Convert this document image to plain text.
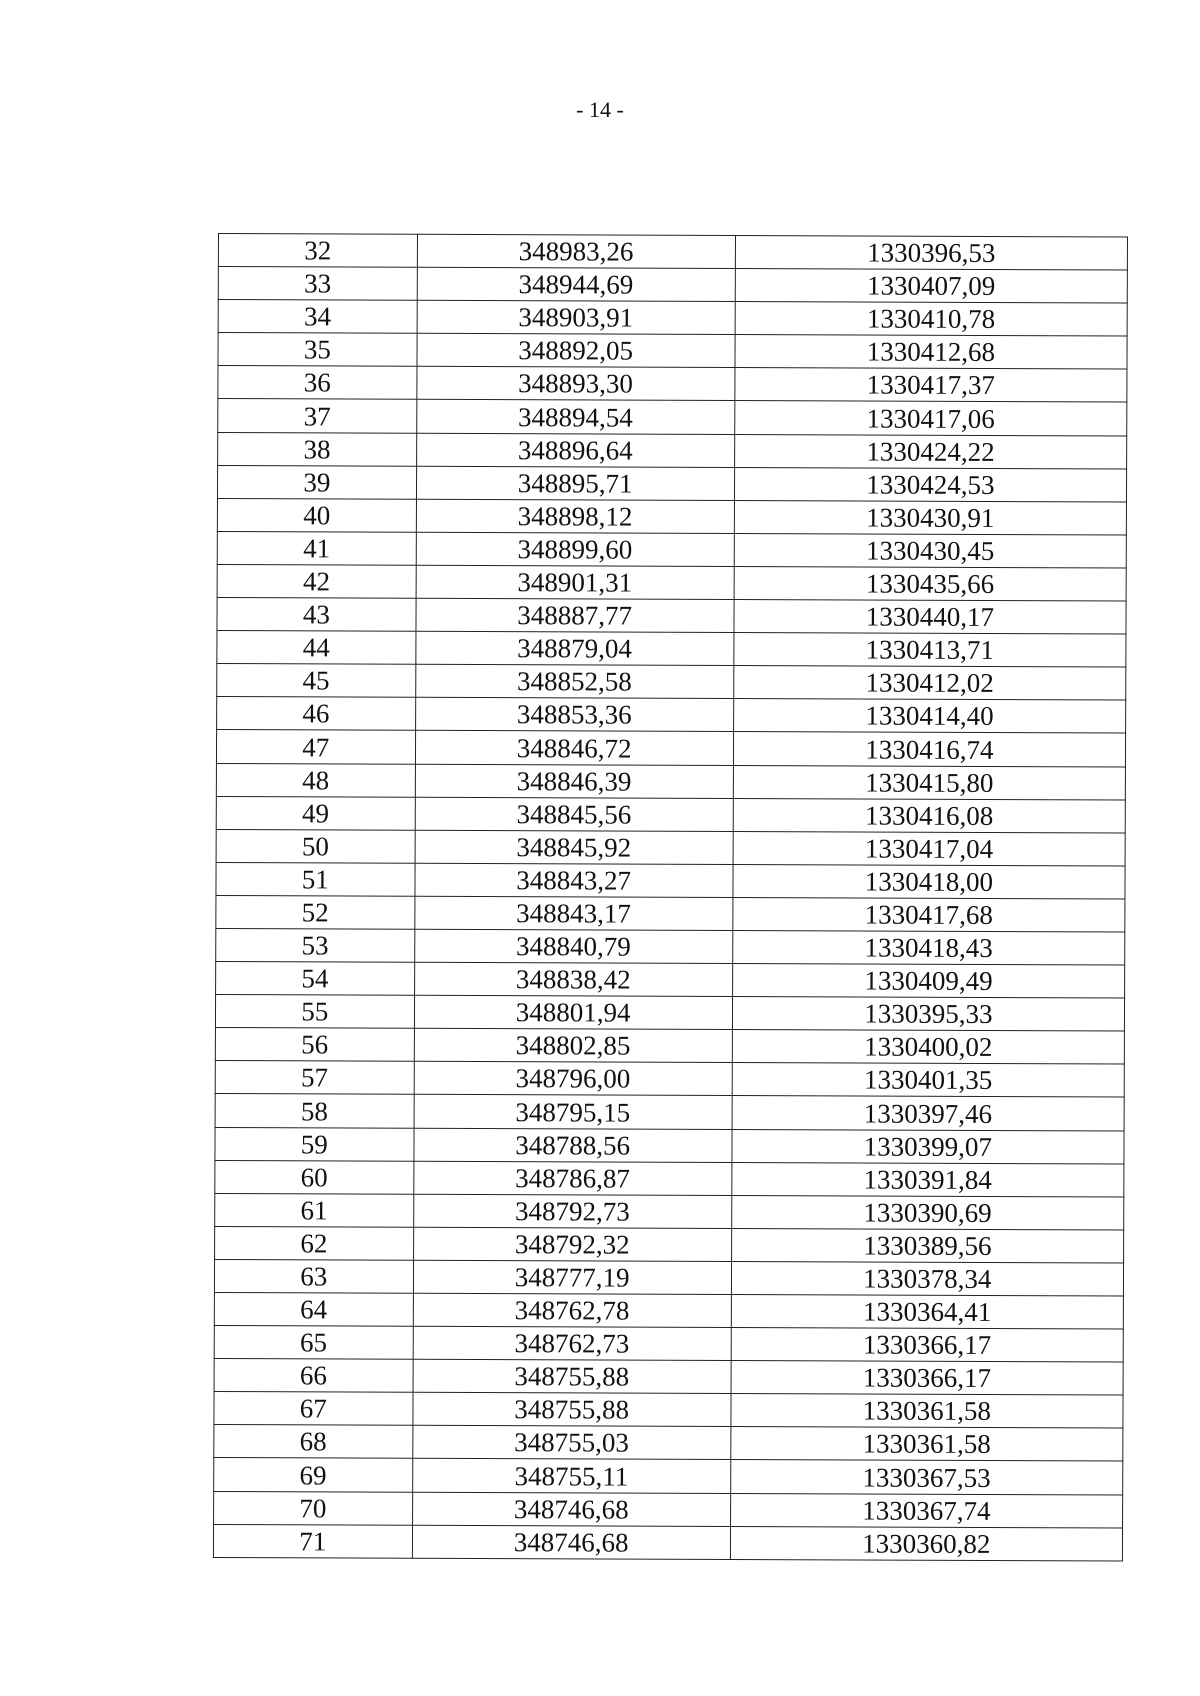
- 14 -
32	348983,26	1330396,53
33	348944,69	1330407,09
34	348903,91	1330410,78
35	348892,05	1330412,68
36	348893,30	1330417,37
37	348894,54	1330417,06
38	348896,64	1330424,22
39	348895,71	1330424,53
40	348898,12	1330430,91
41	348899,60	1330430,45
42	348901,31	1330435,66
43	348887,77	1330440,17
44	348879,04	1330413,71
45	348852,58	1330412,02
46	348853,36	1330414,40
47	348846,72	1330416,74
48	348846,39	1330415,80
49	348845,56	1330416,08
50	348845,92	1330417,04
51	348843,27	1330418,00
52	348843,17	1330417,68
53	348840,79	1330418,43
54	348838,42	1330409,49
55	348801,94	1330395,33
56	348802,85	1330400,02
57	348796,00	1330401,35
58	348795,15	1330397,46
59	348788,56	1330399,07
60	348786,87	1330391,84
61	348792,73	1330390,69
62	348792,32	1330389,56
63	348777,19	1330378,34
64	348762,78	1330364,41
65	348762,73	1330366,17
66	348755,88	1330366,17
67	348755,88	1330361,58
68	348755,03	1330361,58
69	348755,11	1330367,53
70	348746,68	1330367,74
71	348746,68	1330360,82
